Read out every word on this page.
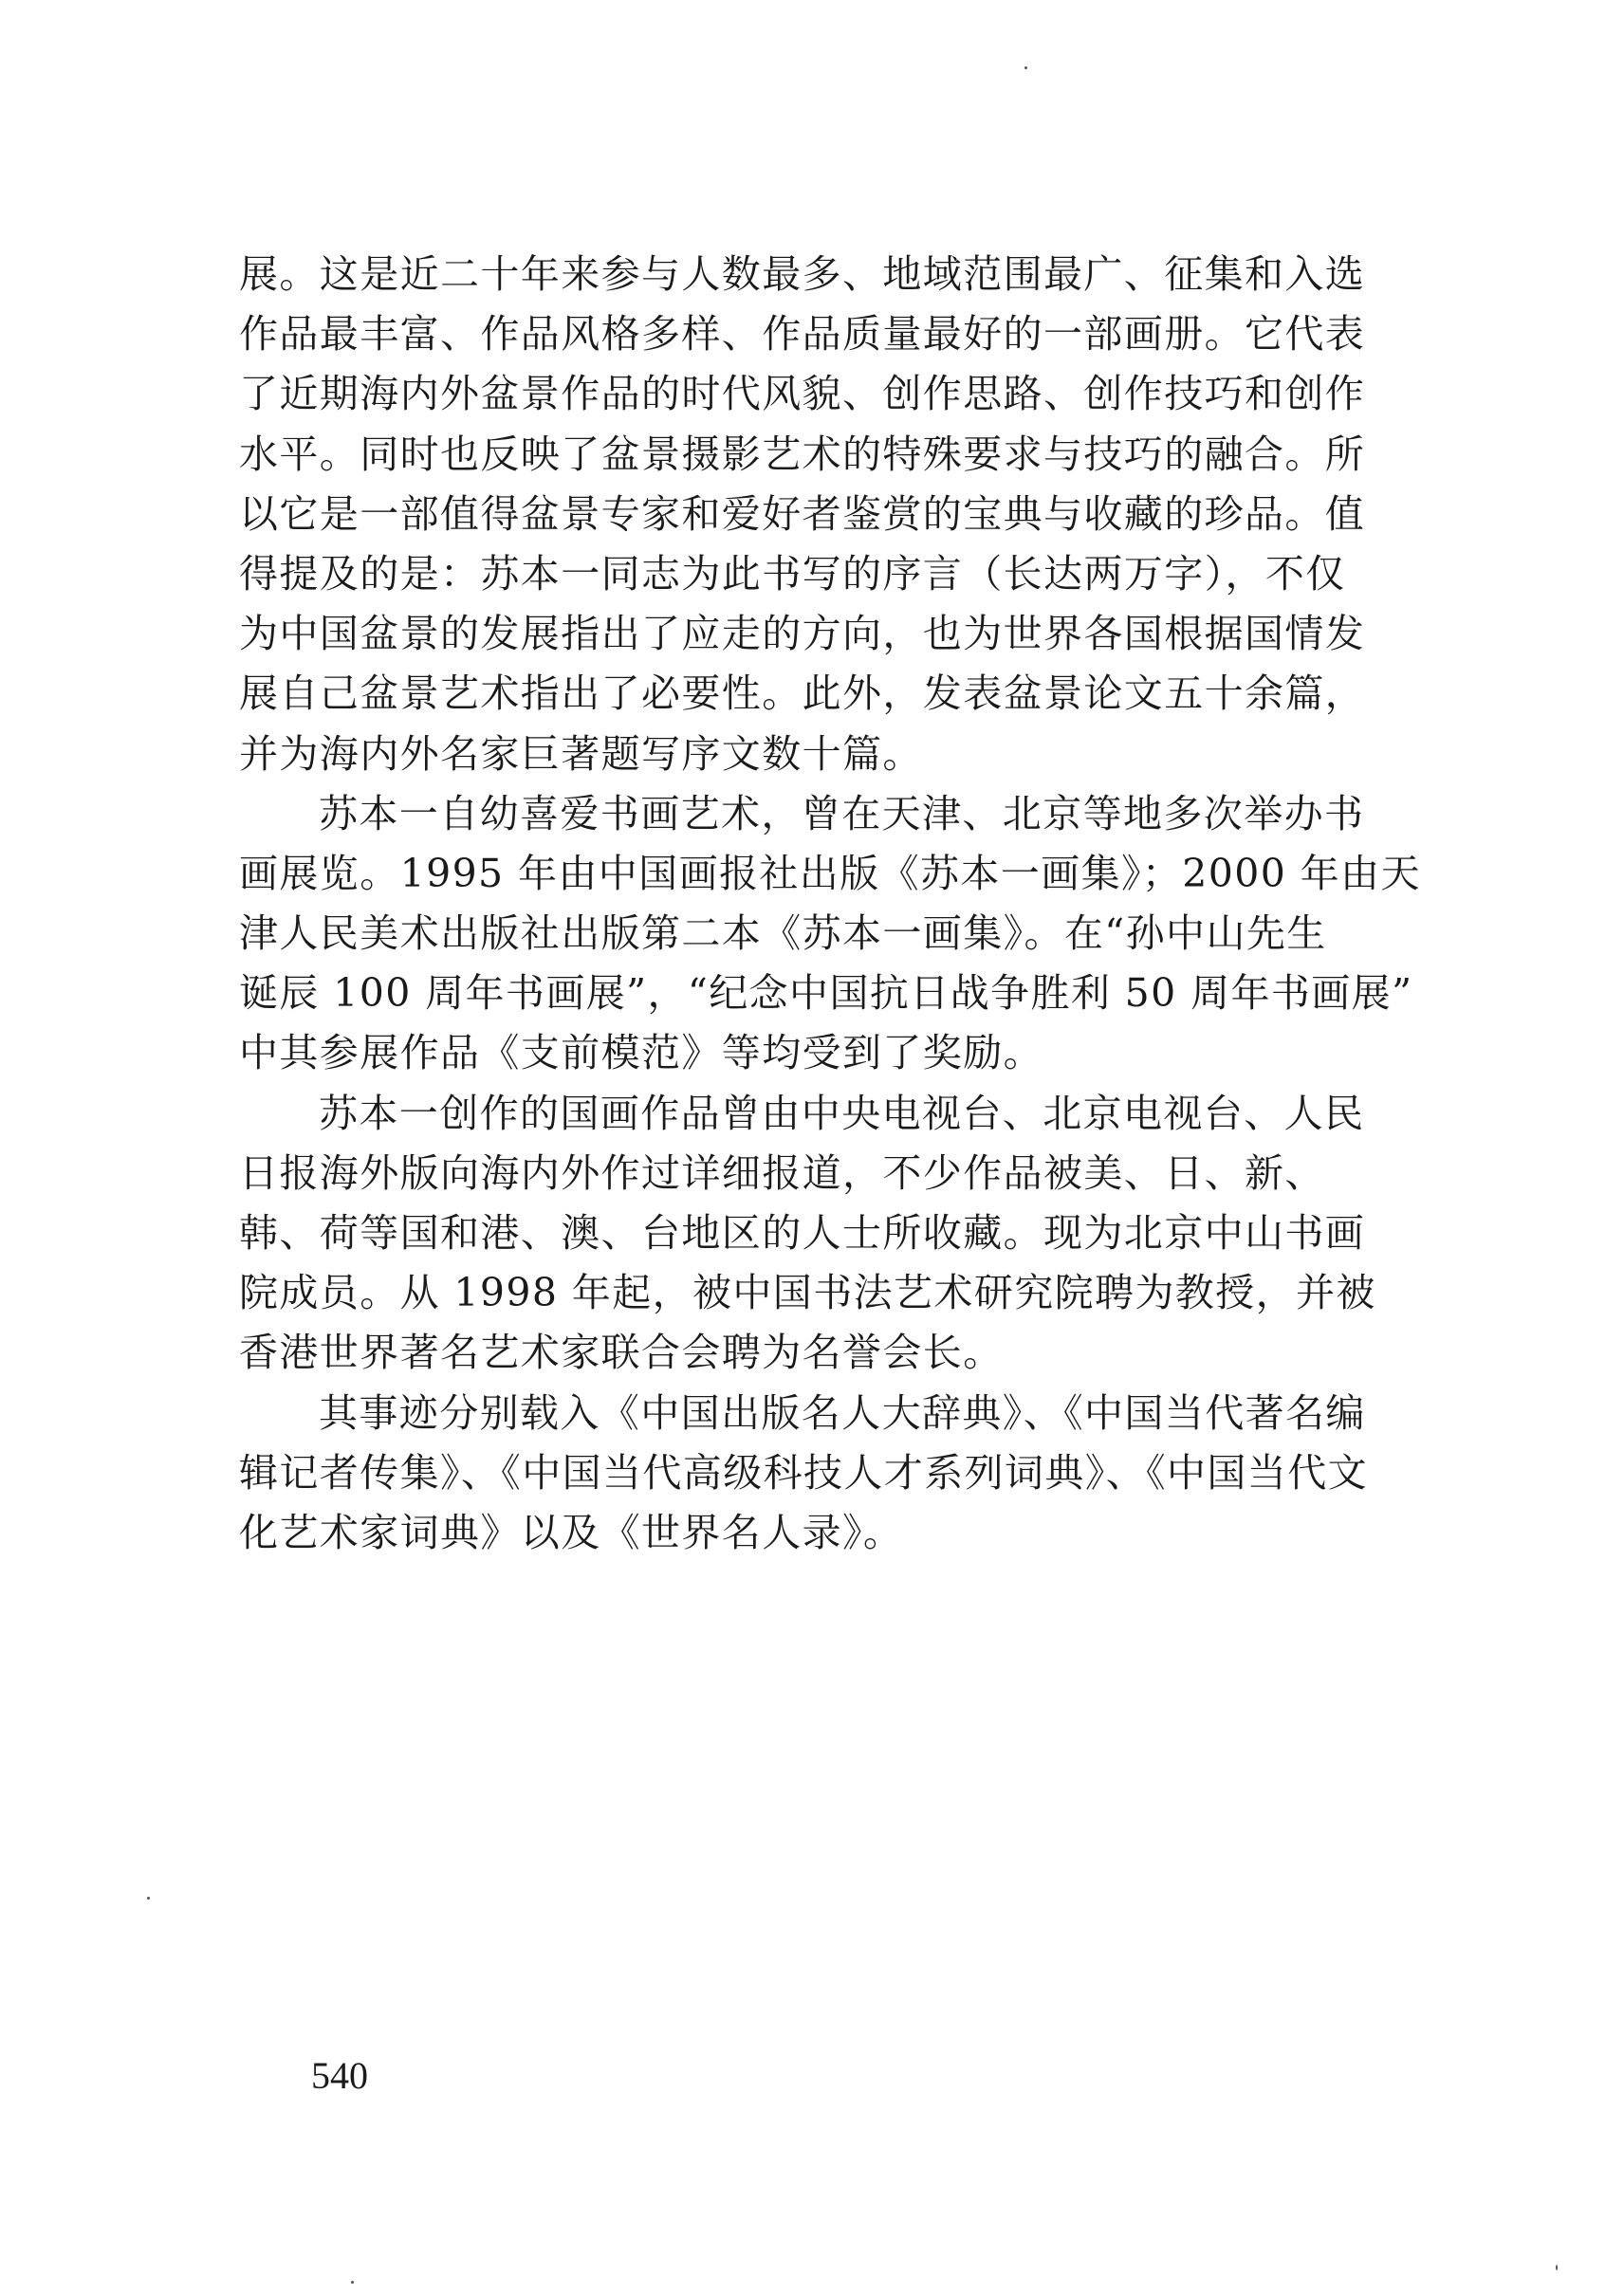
展。这是近二十年来参与人数最多、地域范围最广、征集和入选
作品最丰富、作品风格多样、作品质量最好的一部画册。它代表
了近期海内外盆景作品的时代风貌、创作思路、创作技巧和创作
水平。同时也反映了盆景摄影艺术的特殊要求与技巧的融合。所
以它是一部值得盆景专家和爱好者鉴赏的宝典与收藏的珍品。值
得提及的是：苏本一同志为此书写的序言（长达两万字），不仅
为中国盆景的发展指出了应走的方向，也为世界各国根据国情发
展自己盆景艺术指出了必要性。此外，发表盆景论文五十余篇，
并为海内外名家巨著题写序文数十篇。
苏本一自幼喜爱书画艺术，曾在天津、北京等地多次举办书
画展览。1995 年由中国画报社出版《苏本一画集》；2000 年由天
津人民美术出版社出版第二本《苏本一画集》。在“孙中山先生
诞辰 100 周年书画展”，“纪念中国抗日战争胜利 50 周年书画展”
中其参展作品《支前模范》等均受到了奖励。
苏本一创作的国画作品曾由中央电视台、北京电视台、人民
日报海外版向海内外作过详细报道，不少作品被美、日、新、
韩、荷等国和港、澳、台地区的人士所收藏。现为北京中山书画
院成员。从 1998 年起，被中国书法艺术研究院聘为教授，并被
香港世界著名艺术家联合会聘为名誉会长。
其事迹分别载入《中国出版名人大辞典》、《中国当代著名编
辑记者传集》、《中国当代高级科技人才系列词典》、《中国当代文
化艺术家词典》以及《世界名人录》。
540
